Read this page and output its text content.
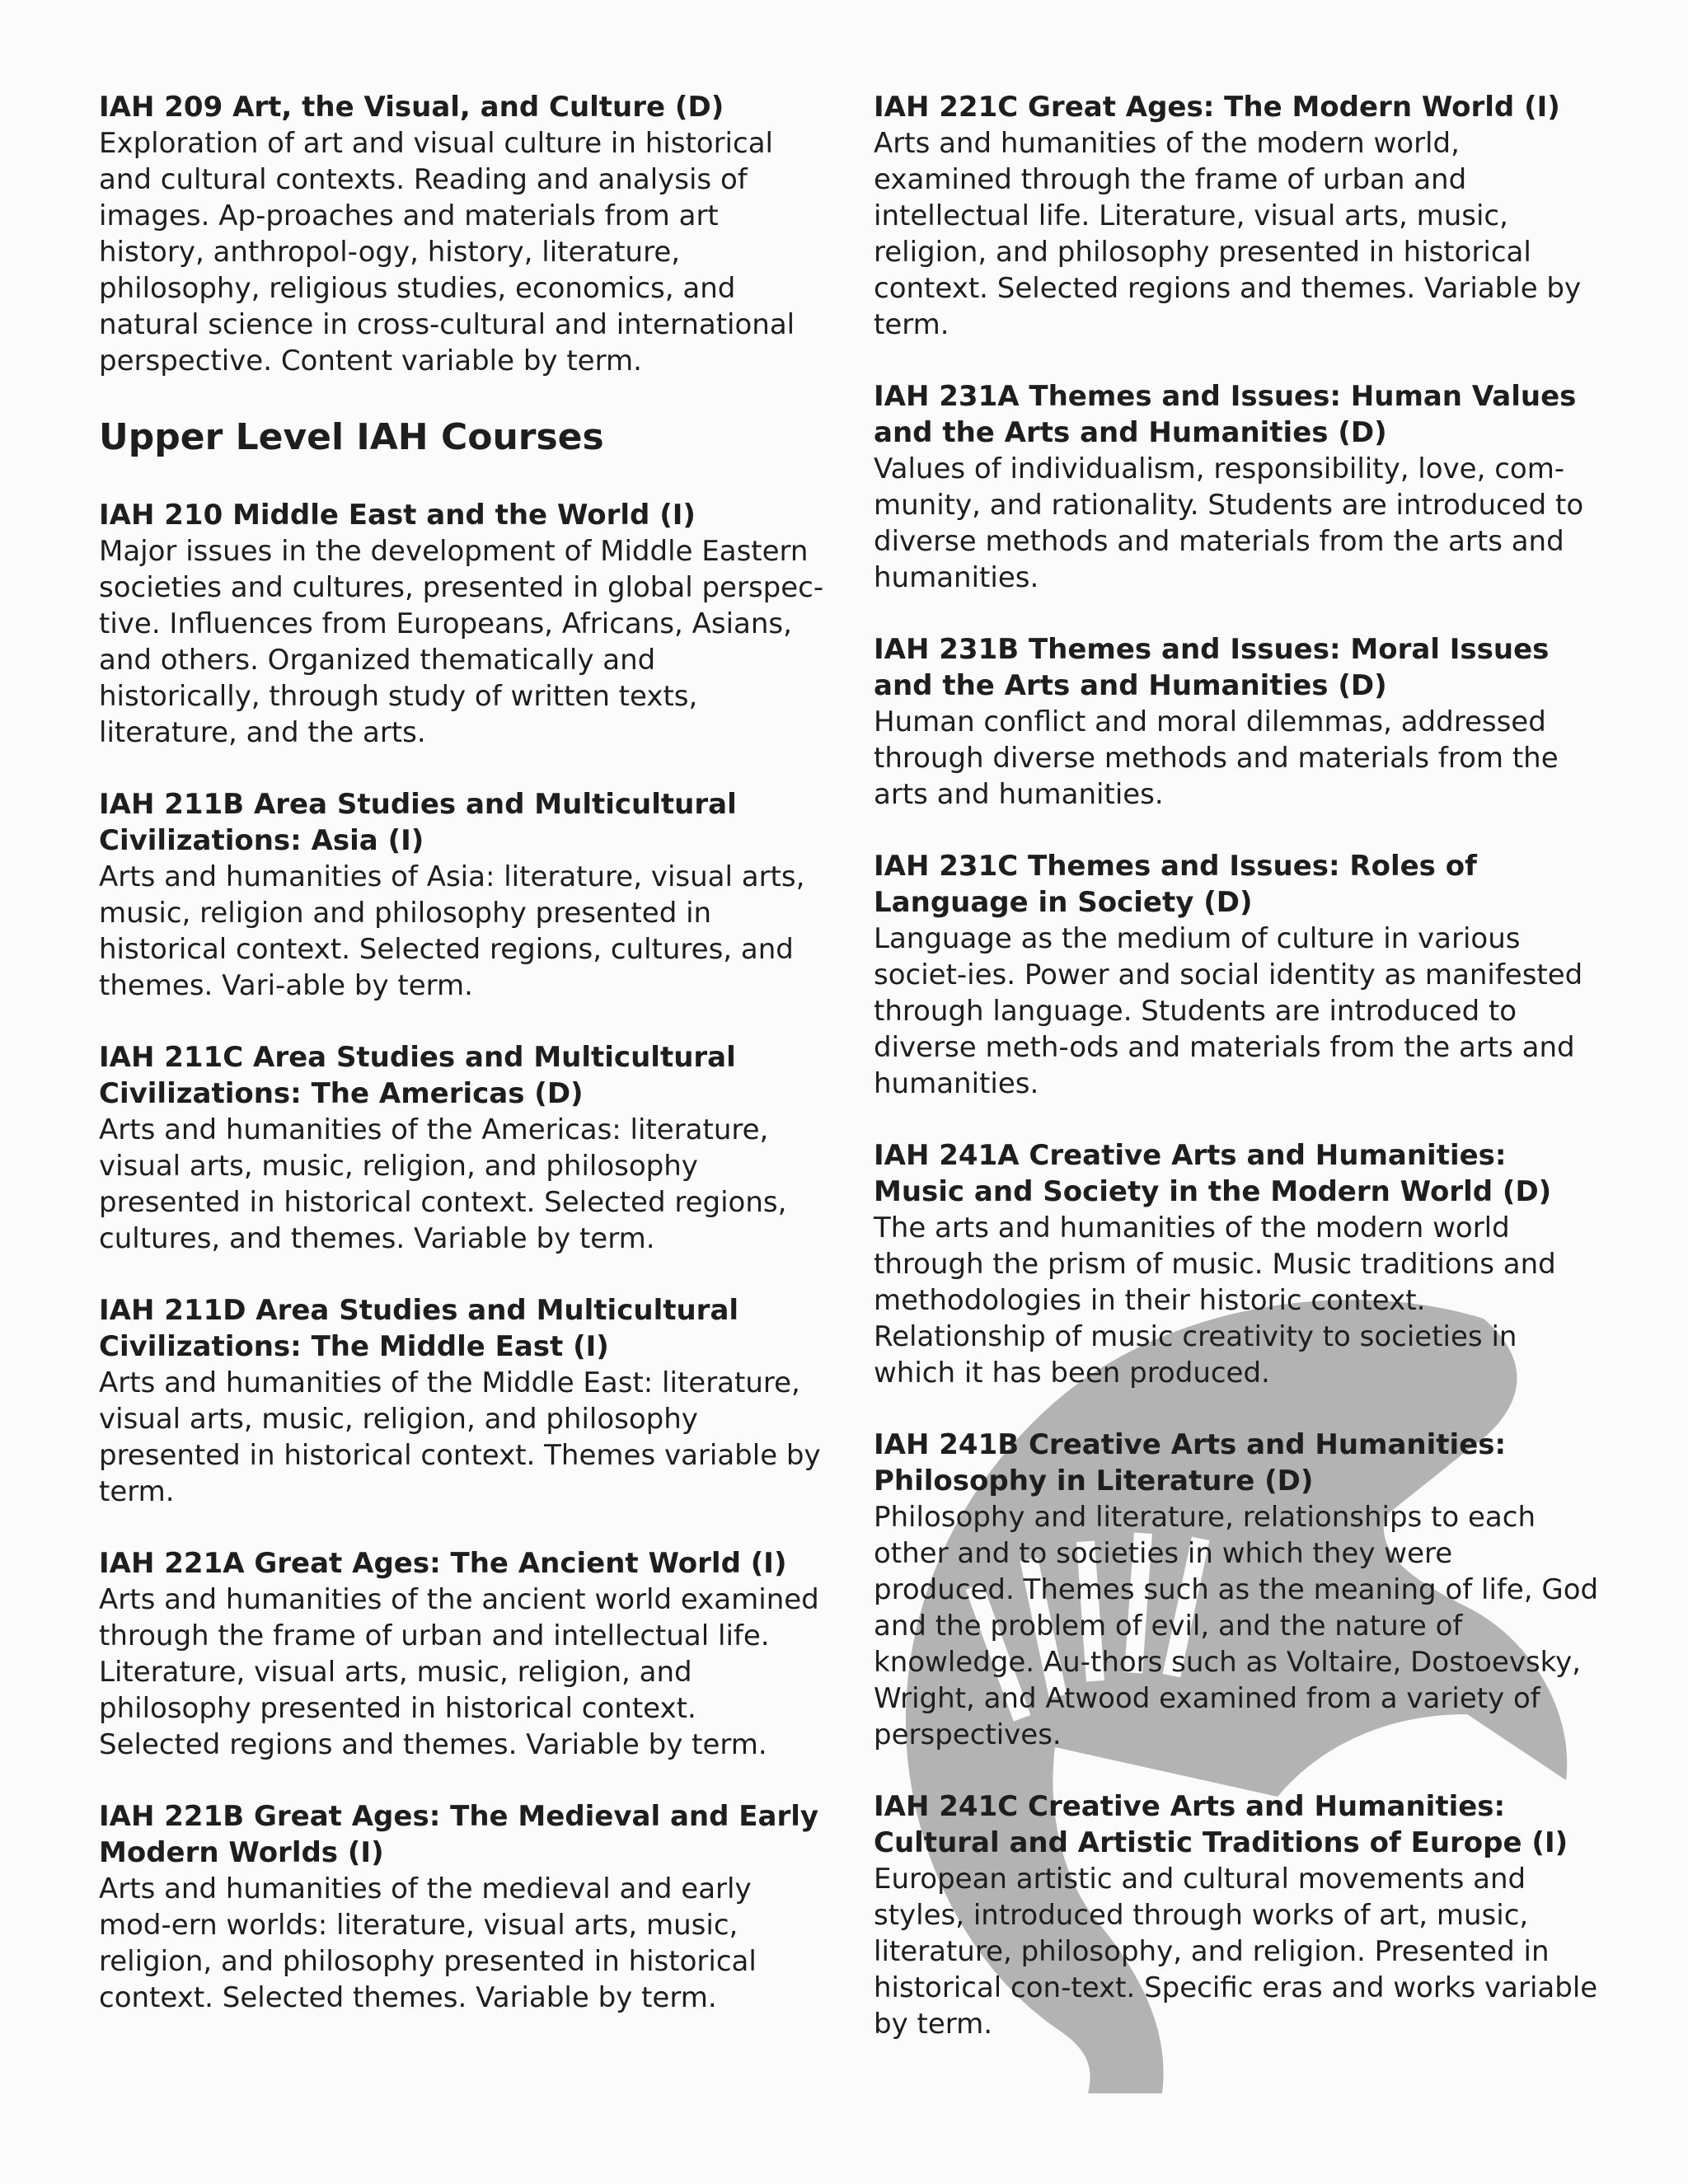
IAH 209 Art, the Visual, and Culture (D)

Exploration of art and visual culture in historical and cultural contexts. Reading and analysis of images. Ap-proaches and materials from art history, anthropol-ogy, history, literature, philosophy, religious studies, economics, and natural science in cross-cultural and international perspective. Content variable by term.

Upper Level IAH Courses

IAH 210 Middle East and the World (I)

Major issues in the development of Middle Eastern societies and cultures, presented in global perspec-tive. Influences from Europeans, Africans, Asians, and others. Organized thematically and historically, through study of written texts, literature, and the arts.

IAH 211B Area Studies and Multicultural Civilizations: Asia (I)

Arts and humanities of Asia: literature, visual arts, music, religion and philosophy presented in historical context. Selected regions, cultures, and themes. Vari-able by term.

IAH 211C Area Studies and Multicultural Civilizations: The Americas (D)

Arts and humanities of the Americas: literature, visual arts, music, religion, and philosophy presented in historical context. Selected regions, cultures, and themes. Variable by term.

IAH 211D Area Studies and Multicultural Civilizations: The Middle East (I)

Arts and humanities of the Middle East: literature, visual arts, music, religion, and philosophy presented in historical context. Themes variable by term.

IAH 221A Great Ages: The Ancient World (I)

Arts and humanities of the ancient world examined through the frame of urban and intellectual life. Literature, visual arts, music, religion, and philosophy presented in historical context. Selected regions and themes. Variable by term.

IAH 221B Great Ages: The Medieval and Early Modern Worlds (I)

Arts and humanities of the medieval and early mod-ern worlds: literature, visual arts, music, religion, and philosophy presented in historical context. Selected themes. Variable by term.

IAH 221C Great Ages: The Modern World (I)

Arts and humanities of the modern world, examined through the frame of urban and intellectual life. Literature, visual arts, music, religion, and philosophy presented in historical context. Selected regions and themes. Variable by term.

IAH 231A Themes and Issues: Human Values and the Arts and Humanities (D)

Values of individualism, responsibility, love, com-munity, and rationality. Students are introduced to diverse methods and materials from the arts and humanities.

IAH 231B Themes and Issues: Moral Issues and the Arts and Humanities (D)

Human conflict and moral dilemmas, addressed through diverse methods and materials from the arts and humanities.

IAH 231C Themes and Issues: Roles of Language in Society (D)

Language as the medium of culture in various societ-ies. Power and social identity as manifested through language. Students are introduced to diverse meth-ods and materials from the arts and humanities.

IAH 241A Creative Arts and Humanities: Music and Society in the Modern World (D)

The arts and humanities of the modern world through the prism of music. Music traditions and methodologies in their historic context. Relationship of music creativity to societies in which it has been produced.

IAH 241B Creative Arts and Humanities: Philosophy in Literature (D)

Philosophy and literature, relationships to each other and to societies in which they were produced. Themes such as the meaning of life, God and the problem of evil, and the nature of knowledge. Au-thors such as Voltaire, Dostoevsky, Wright, and Atwood examined from a variety of perspectives.

IAH 241C Creative Arts and Humanities: Cultural and Artistic Traditions of Europe (I)

European artistic and cultural movements and styles, introduced through works of art, music, literature, philosophy, and religion. Presented in historical con-text. Specific eras and works variable by term.
